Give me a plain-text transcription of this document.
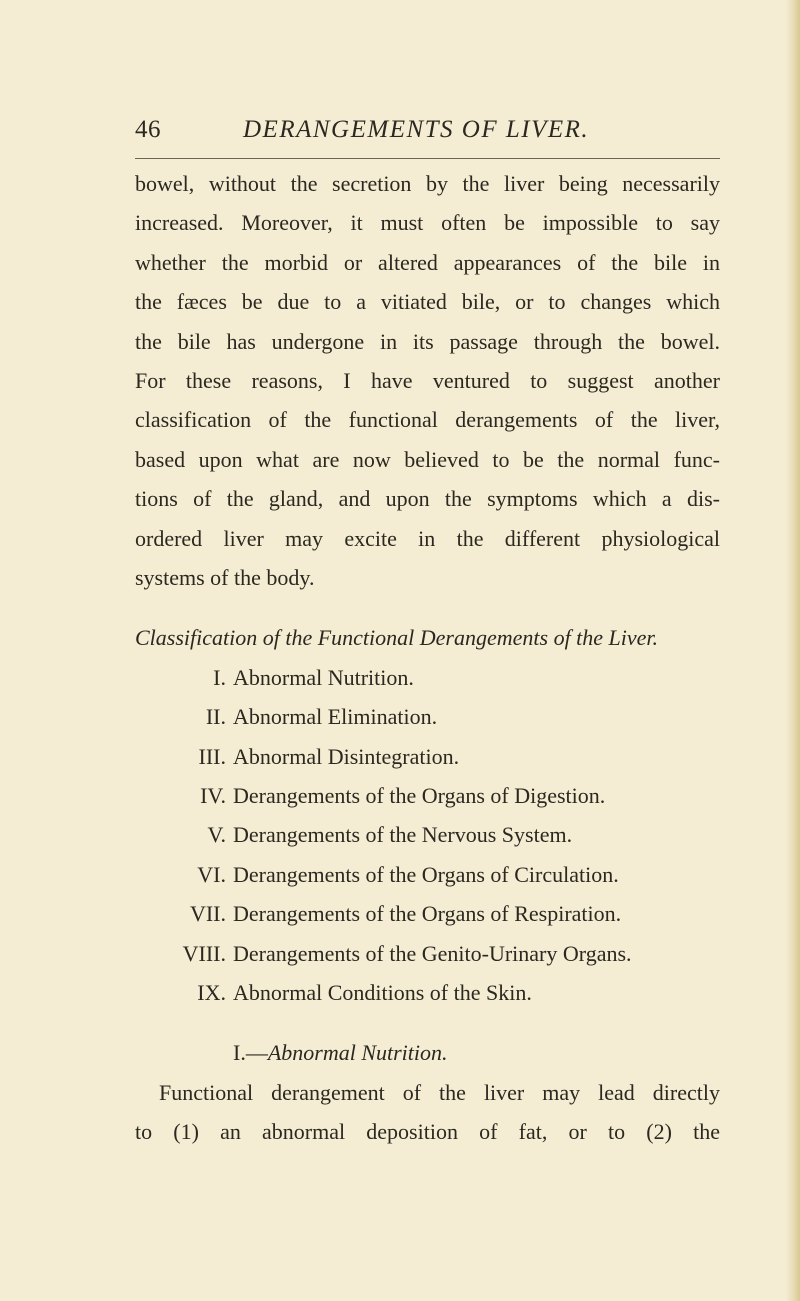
46	DERANGEMENTS OF LIVER.
bowel, without the secretion by the liver being necessarily
increased. Moreover, it must often be impossible to say
whether the morbid or altered appearances of the bile in
the fæces be due to a vitiated bile, or to changes which
the bile has undergone in its passage through the bowel.
For these reasons, I have ventured to suggest another
classification of the functional derangements of the liver,
based upon what are now believed to be the normal func-
tions of the gland, and upon the symptoms which a dis-
ordered liver may excite in the different physiological
systems of the body.
Classification of the Functional Derangements of the Liver.
I. Abnormal Nutrition.
II. Abnormal Elimination.
III. Abnormal Disintegration.
IV. Derangements of the Organs of Digestion.
V. Derangements of the Nervous System.
VI. Derangements of the Organs of Circulation.
VII. Derangements of the Organs of Respiration.
VIII. Derangements of the Genito-Urinary Organs.
IX. Abnormal Conditions of the Skin.
I.—Abnormal Nutrition.
Functional derangement of the liver may lead directly
to (1) an abnormal deposition of fat, or to (2) the
